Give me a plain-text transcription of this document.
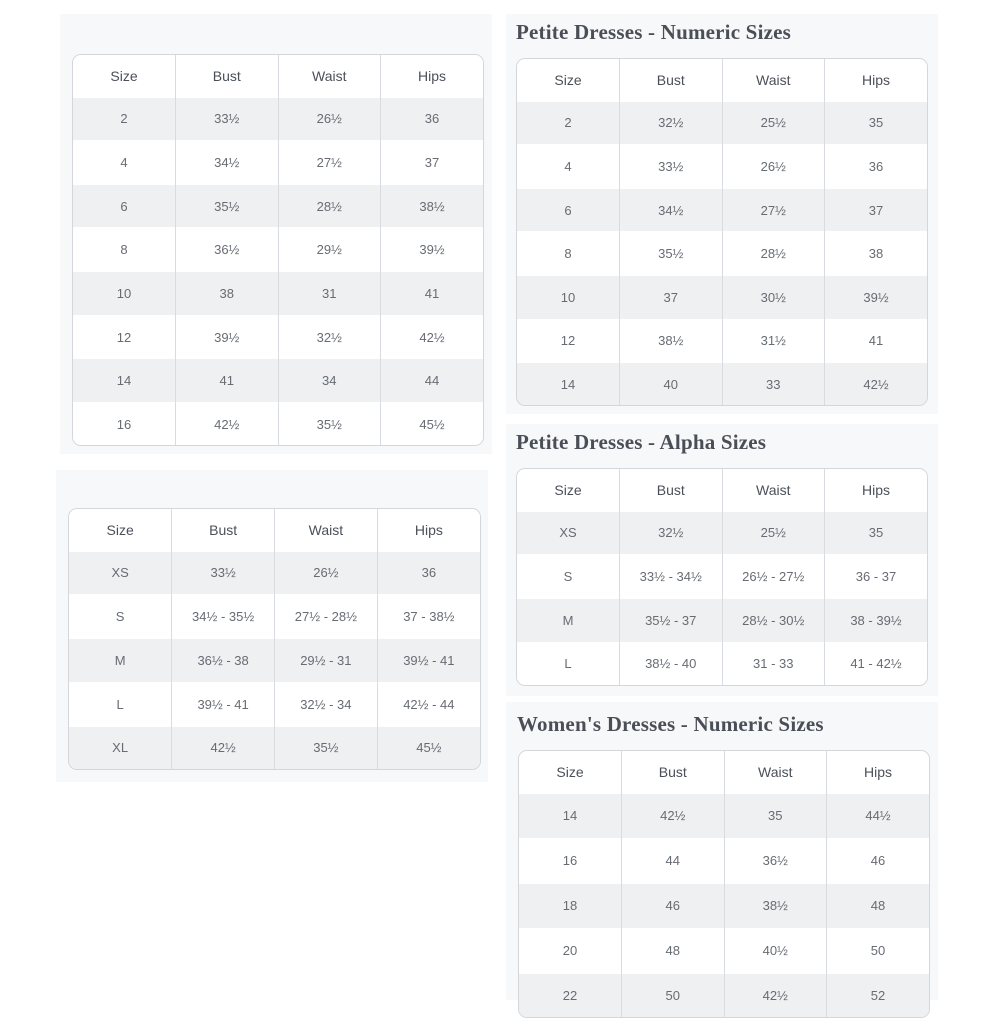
Petite Dresses - Numeric Sizes
Petite Dresses - Alpha Sizes
Women's Dresses - Numeric Sizes
Size	Bust	Waist	Hips
2	33½	26½	36
4	34½	27½	37
6	35½	28½	38½
8	36½	29½	39½
10	38	31	41
12	39½	32½	42½
14	41	34	44
16	42½	35½	45½
Size	Bust	Waist	Hips
XS	33½	26½	36
S	34½ - 35½	27½ - 28½	37 - 38½
M	36½ - 38	29½ - 31	39½ - 41
L	39½ - 41	32½ - 34	42½ - 44
XL	42½	35½	45½
Size	Bust	Waist	Hips
2	32½	25½	35
4	33½	26½	36
6	34½	27½	37
8	35½	28½	38
10	37	30½	39½
12	38½	31½	41
14	40	33	42½
Size	Bust	Waist	Hips
XS	32½	25½	35
S	33½ - 34½	26½ - 27½	36 - 37
M	35½ - 37	28½ - 30½	38 - 39½
L	38½ - 40	31 - 33	41 - 42½
Size	Bust	Waist	Hips
14	42½	35	44½
16	44	36½	46
18	46	38½	48
20	48	40½	50
22	50	42½	52
